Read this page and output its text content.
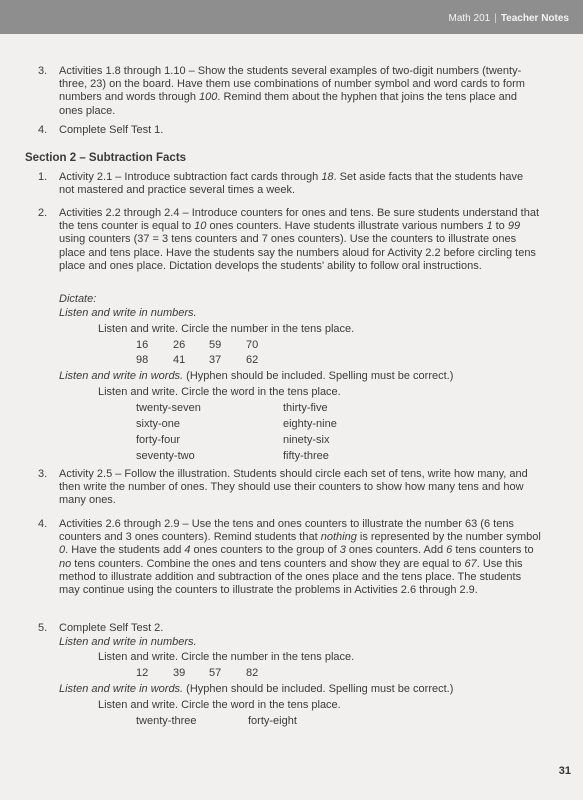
Math 201 | Teacher Notes
3. Activities 1.8 through 1.10 – Show the students several examples of two-digit numbers (twenty-three, 23) on the board. Have them use combinations of number symbol and word cards to form numbers and words through 100. Remind them about the hyphen that joins the tens place and ones place.

4. Complete Self Test 1.

Section 2 – Subtraction Facts
1. Activity 2.1 – Introduce subtraction fact cards through 18. Set aside facts that the students have not mastered and practice several times a week.

2. Activities 2.2 through 2.4 – Introduce counters for ones and tens. Be sure students understand that the tens counter is equal to 10 ones counters. Have students illustrate various numbers 1 to 99 using counters (37 = 3 tens counters and 7 ones counters). Use the counters to illustrate ones place and tens place. Have the students say the numbers aloud for Activity 2.2 before circling tens place and ones place. Dictation develops the students' ability to follow oral instructions.

Dictate:
Listen and write in numbers.
Listen and write. Circle the number in the tens place.
16 26 59 70
98 41 37 62
Listen and write in words. (Hyphen should be included. Spelling must be correct.)
Listen and write. Circle the word in the tens place.
twenty-seven	thirty-five
sixty-one	eighty-nine
forty-four	ninety-six
seventy-two	fifty-three
3. Activity 2.5 – Follow the illustration. Students should circle each set of tens, write how many, and then write the number of ones. They should use their counters to show how many tens and how many ones.

4. Activities 2.6 through 2.9 – Use the tens and ones counters to illustrate the number 63 (6 tens counters and 3 ones counters). Remind students that nothing is represented by the number symbol 0. Have the students add 4 ones counters to the group of 3 ones counters. Add 6 tens counters to no tens counters. Combine the ones and tens counters and show they are equal to 67. Use this method to illustrate addition and subtraction of the ones place and the tens place. The students may continue using the counters to illustrate the problems in Activities 2.6 through 2.9.

5. Complete Self Test 2.

Listen and write in numbers.
Listen and write. Circle the number in the tens place.
12 39 57 82
Listen and write in words. (Hyphen should be included. Spelling must be correct.)
Listen and write. Circle the word in the tens place.
twenty-three	forty-eight
31
